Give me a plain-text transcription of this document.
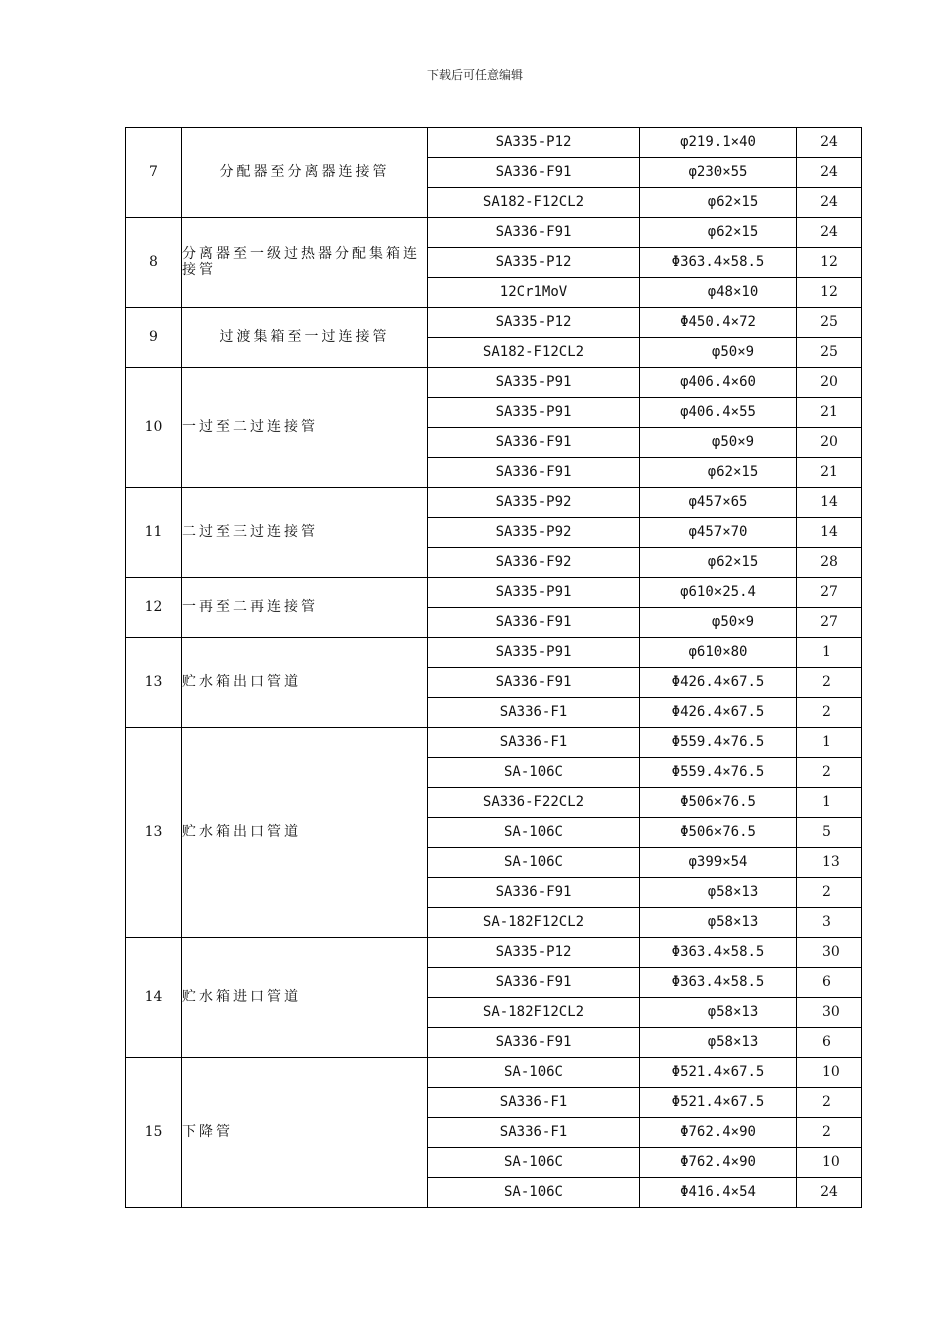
下载后可任意编辑
7	分配器至分离器连接管	SA335-P12	φ219.1×40	24
		SA336-F91	φ230×55	24
		SA182-F12CL2	φ62×15	24
8	分离器至一级过热器分配集箱连接管	SA336-F91	φ62×15	24
		SA335-P12	Φ363.4×58.5	12
		12Cr1MoV	φ48×10	12
9	过渡集箱至一过连接管	SA335-P12	Φ450.4×72	25
		SA182-F12CL2	φ50×9	25
10	一过至二过连接管	SA335-P91	φ406.4×60	20
		SA335-P91	φ406.4×55	21
		SA336-F91	φ50×9	20
		SA336-F91	φ62×15	21
11	二过至三过连接管	SA335-P92	φ457×65	14
		SA335-P92	φ457×70	14
		SA336-F92	φ62×15	28
12	一再至二再连接管	SA335-P91	φ610×25.4	27
		SA336-F91	φ50×9	27
13	贮水箱出口管道	SA335-P91	φ610×80	1
		SA336-F91	Φ426.4×67.5	2
		SA336-F1	Φ426.4×67.5	2
13	贮水箱出口管道	SA336-F1	Φ559.4×76.5	1
		SA-106C	Φ559.4×76.5	2
		SA336-F22CL2	Φ506×76.5	1
		SA-106C	Φ506×76.5	5
		SA-106C	φ399×54	13
		SA336-F91	φ58×13	2
		SA-182F12CL2	φ58×13	3
14	贮水箱进口管道	SA335-P12	Φ363.4×58.5	30
		SA336-F91	Φ363.4×58.5	6
		SA-182F12CL2	φ58×13	30
		SA336-F91	φ58×13	6
15	下降管	SA-106C	Φ521.4×67.5	10
		SA336-F1	Φ521.4×67.5	2
		SA336-F1	Φ762.4×90	2
		SA-106C	Φ762.4×90	10
		SA-106C	Φ416.4×54	24
